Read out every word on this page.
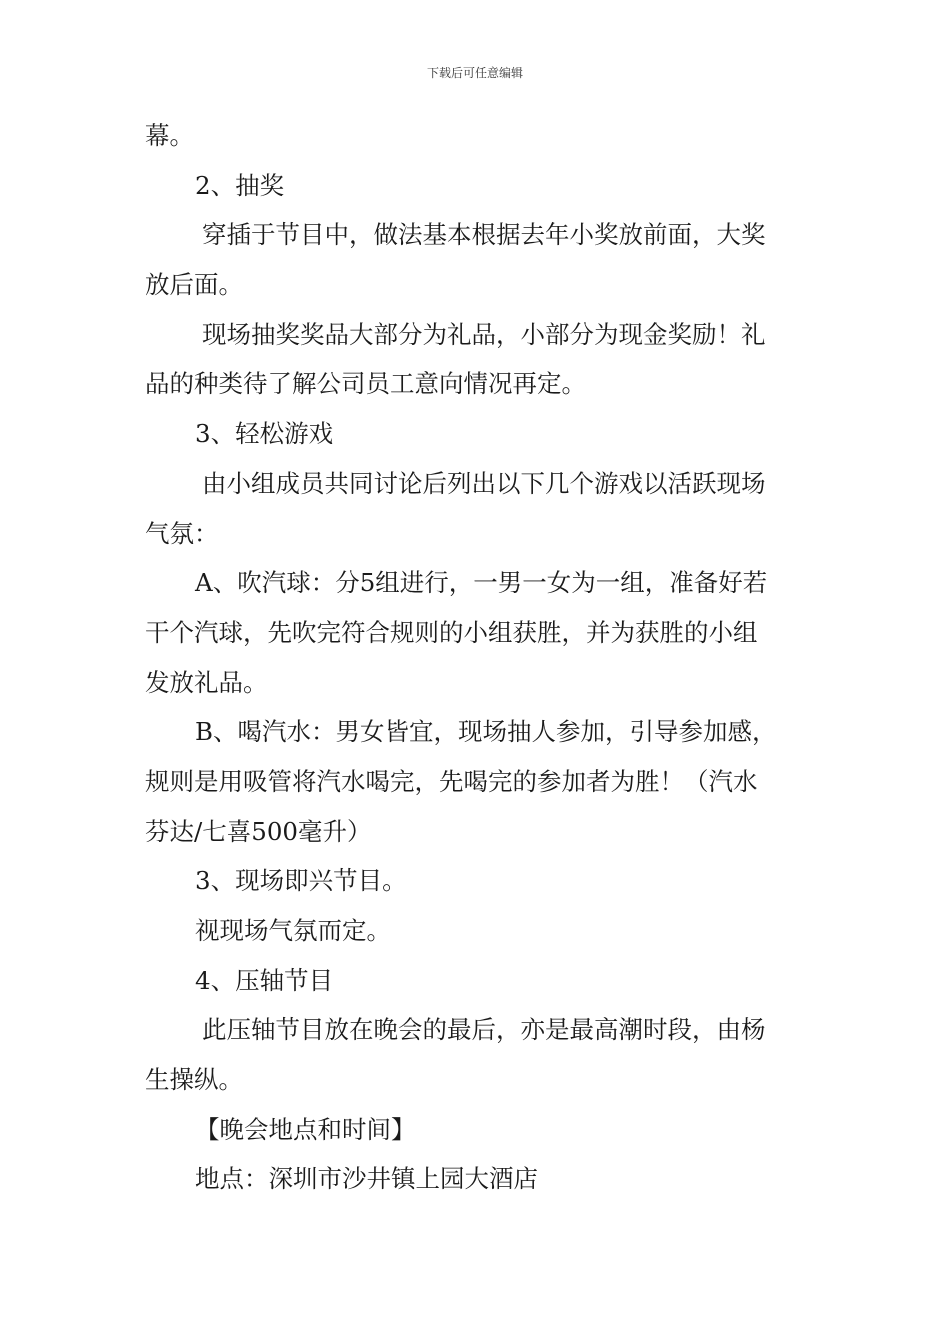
下载后可任意编辑
幕。
2、抽奖
穿插于节目中，做法基本根据去年小奖放前面，大奖
放后面。
现场抽奖奖品大部分为礼品，小部分为现金奖励！礼
品的种类待了解公司员工意向情况再定。
3、轻松游戏
由小组成员共同讨论后列出以下几个游戏以活跃现场
气氛：
A、吹汽球：分5组进行，一男一女为一组，准备好若
干个汽球，先吹完符合规则的小组获胜，并为获胜的小组
发放礼品。
B、喝汽水：男女皆宜，现场抽人参加，引导参加感，
规则是用吸管将汽水喝完，先喝完的参加者为胜！（汽水
芬达/七喜500毫升）
3、现场即兴节目。
视现场气氛而定。
4、压轴节目
此压轴节目放在晚会的最后，亦是最高潮时段，由杨
生操纵。
【晚会地点和时间】
地点：深圳市沙井镇上园大酒店
